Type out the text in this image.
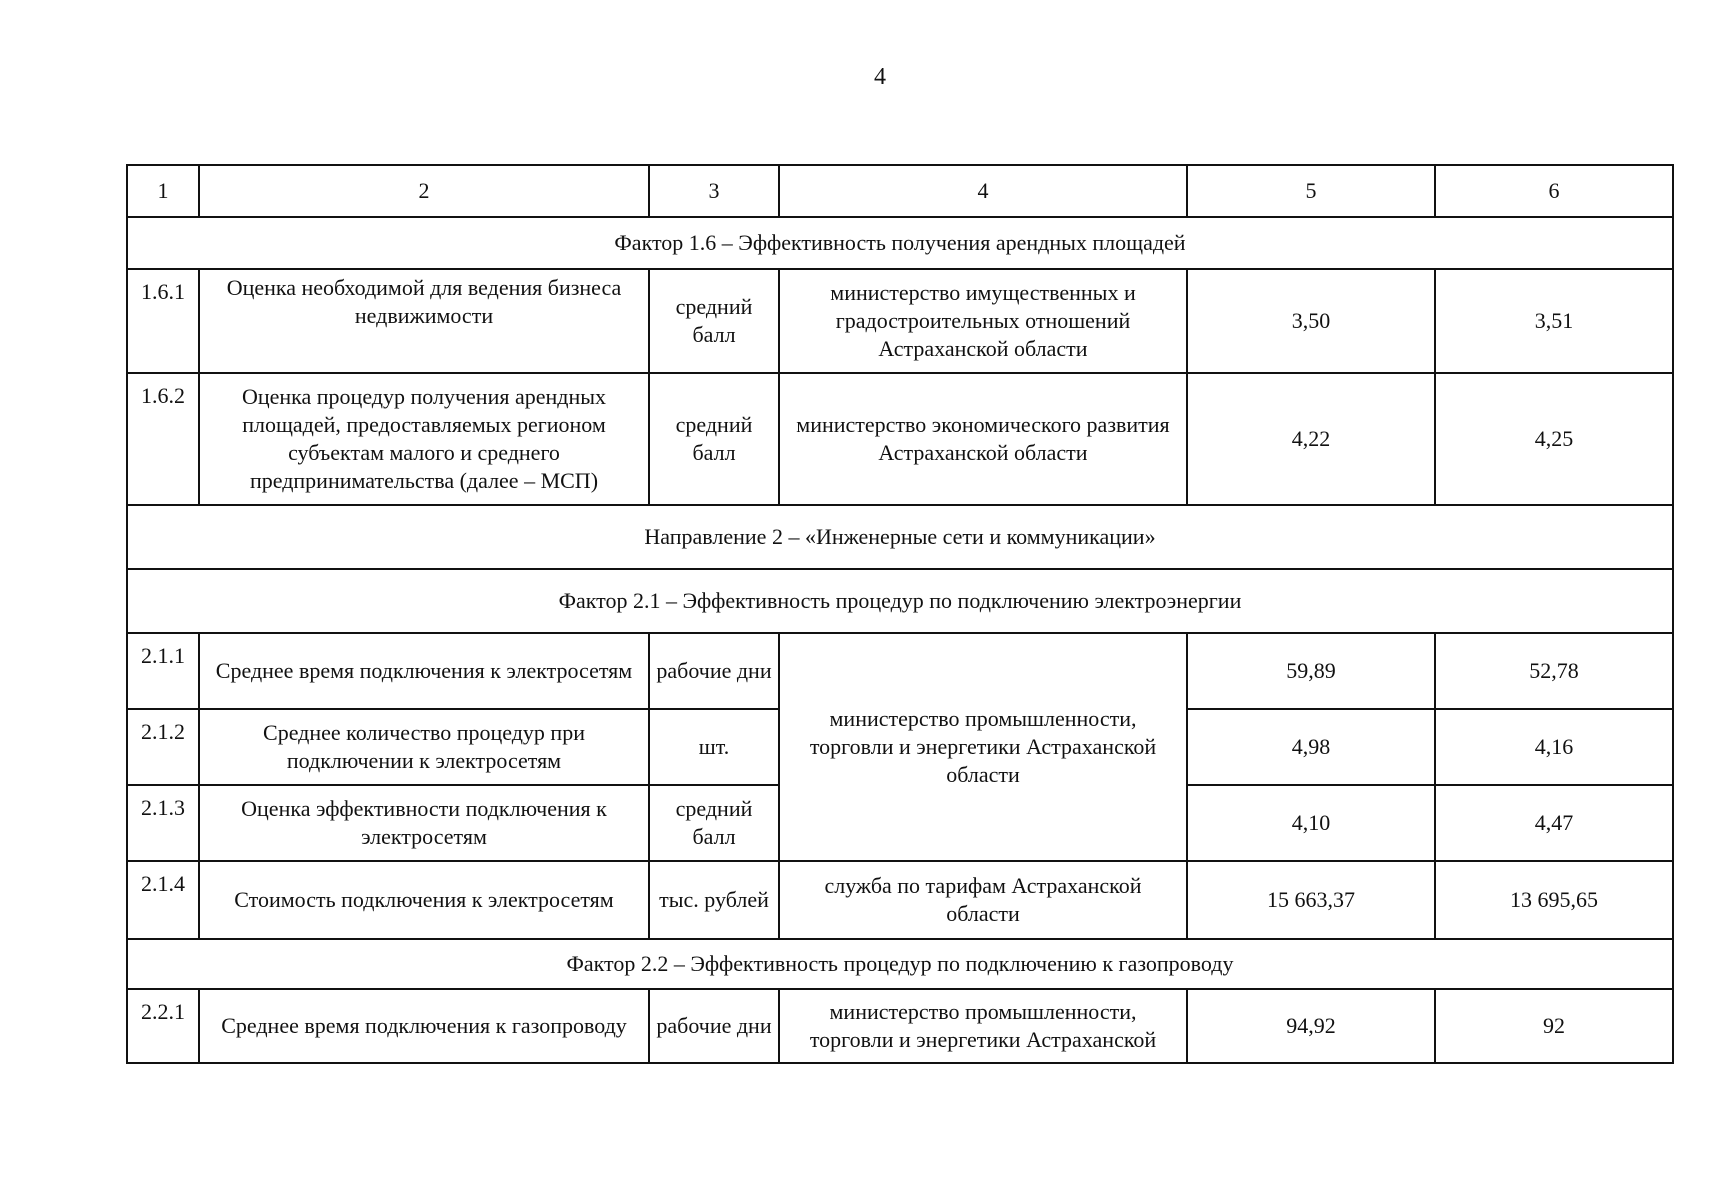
4
1	2	3	4	5	6
Фактор 1.6 – Эффективность получения арендных площадей					
1.6.1	Оценка необходимой для ведения бизнеса недвижимости	средний балл	министерство имущественных и градостроительных отношений Астраханской области	3,50	3,51
1.6.2	Оценка процедур получения арендных площадей, предоставляемых регионом субъектам малого и среднего предпринимательства (далее – МСП)	средний балл	министерство экономического развития Астраханской области	4,22	4,25
Направление 2 – «Инженерные сети и коммуникации»					
Фактор 2.1 – Эффективность процедур по подключению электроэнергии					
2.1.1	Среднее время подключения к электросетям	рабочие дни	министерство промышленности, торговли и энергетики Астраханской области	59,89	52,78
2.1.2	Среднее количество процедур при подключении к электросетям	шт.		4,98	4,16
2.1.3	Оценка эффективности подключения к электросетям	средний балл		4,10	4,47
2.1.4	Стоимость подключения к электросетям	тыс. рублей	служба по тарифам Астраханской области	15 663,37	13 695,65
Фактор 2.2 – Эффективность процедур по подключению к газопроводу					
2.2.1	Среднее время подключения к газопроводу	рабочие дни	министерство промышленности, торговли и энергетики Астраханской	94,92	92
